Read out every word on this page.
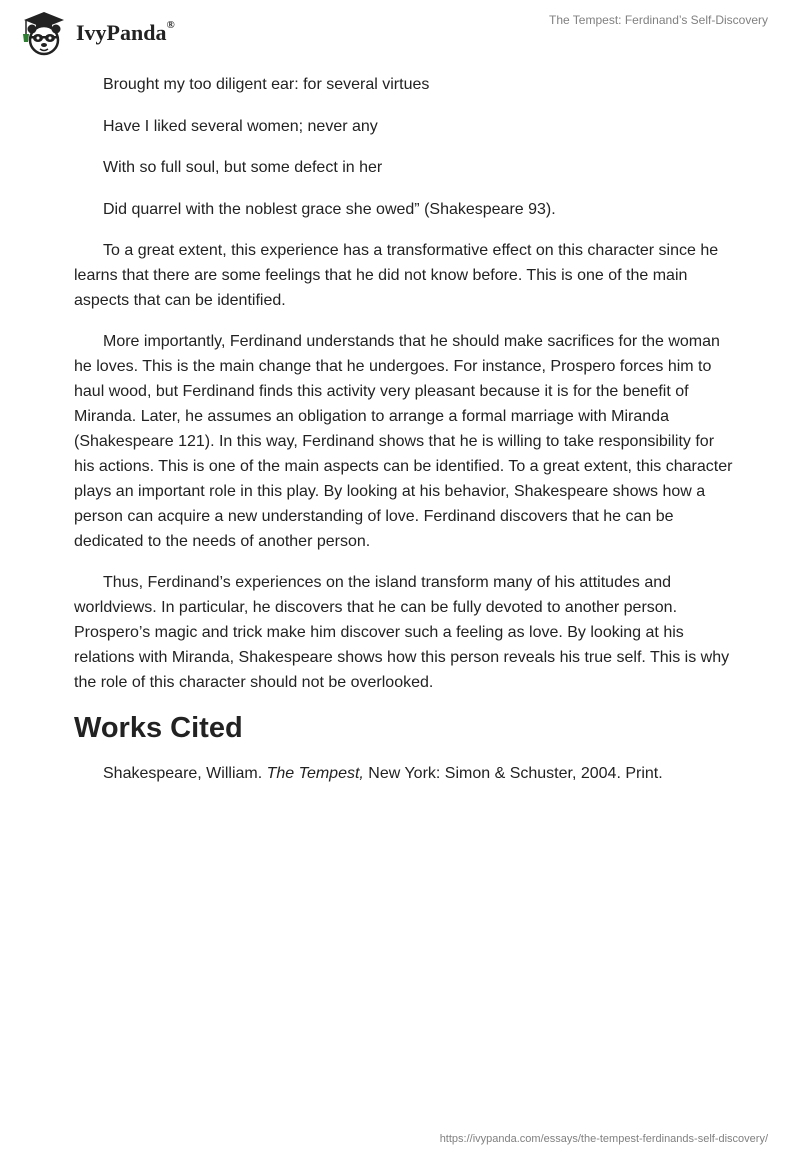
IvyPanda®	The Tempest: Ferdinand’s Self-Discovery

Brought my too diligent ear: for several virtues

Have I liked several women; never any

With so full soul, but some defect in her

Did quarrel with the noblest grace she owed” (Shakespeare 93).

To a great extent, this experience has a transformative effect on this character since he learns that there are some feelings that he did not know before. This is one of the main aspects that can be identified.

More importantly, Ferdinand understands that he should make sacrifices for the woman he loves. This is the main change that he undergoes. For instance, Prospero forces him to haul wood, but Ferdinand finds this activity very pleasant because it is for the benefit of Miranda. Later, he assumes an obligation to arrange a formal marriage with Miranda (Shakespeare 121). In this way, Ferdinand shows that he is willing to take responsibility for his actions. This is one of the main aspects can be identified. To a great extent, this character plays an important role in this play. By looking at his behavior, Shakespeare shows how a person can acquire a new understanding of love. Ferdinand discovers that he can be dedicated to the needs of another person.

Thus, Ferdinand’s experiences on the island transform many of his attitudes and worldviews. In particular, he discovers that he can be fully devoted to another person. Prospero’s magic and trick make him discover such a feeling as love. By looking at his relations with Miranda, Shakespeare shows how this person reveals his true self. This is why the role of this character should not be overlooked.

Works Cited

Shakespeare, William. The Tempest, New York: Simon & Schuster, 2004. Print.

https://ivypanda.com/essays/the-tempest-ferdinands-self-discovery/
